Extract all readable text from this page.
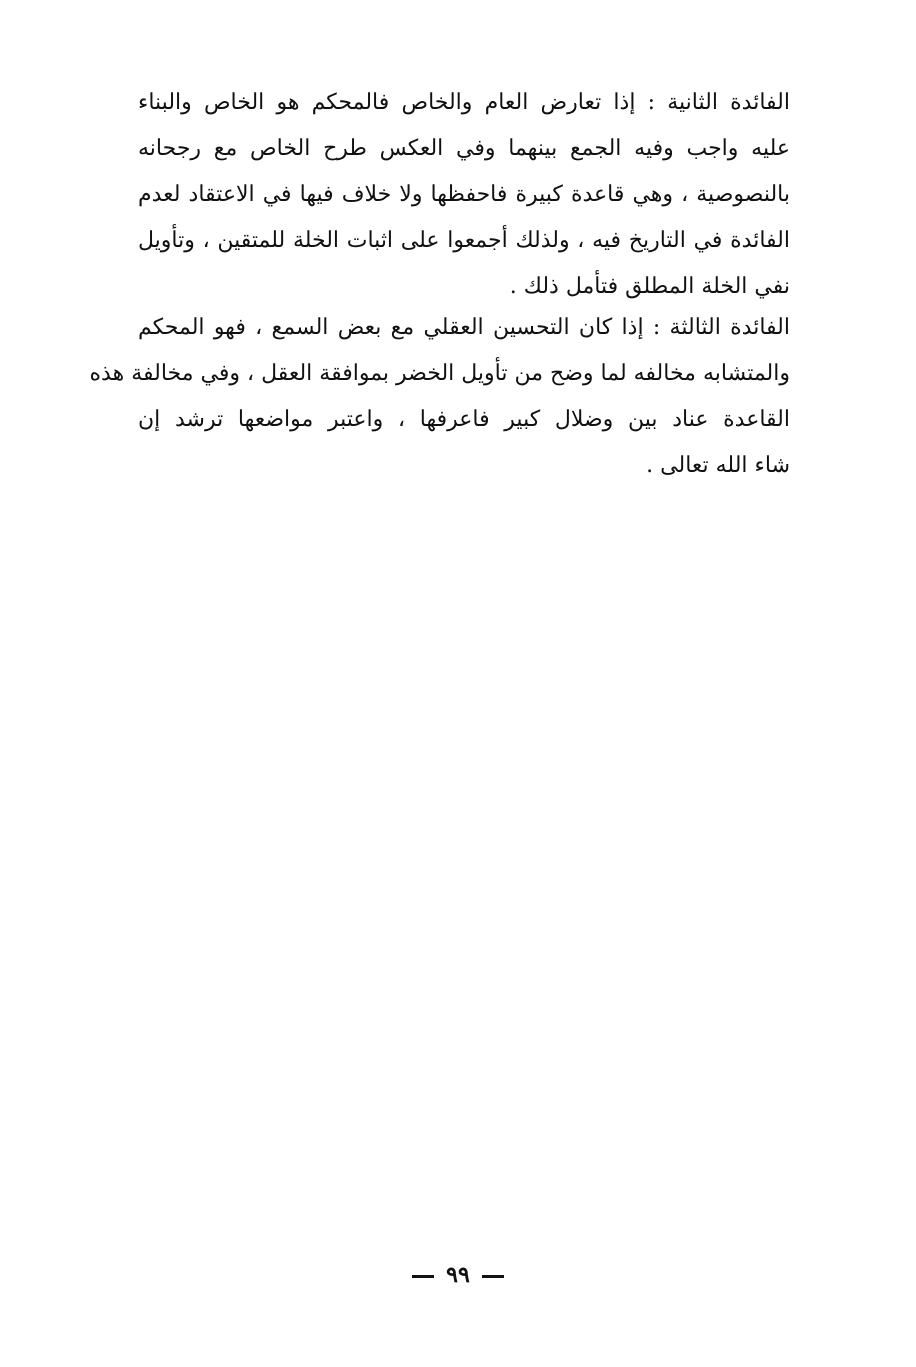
الفائدة الثانية : إذا تعارض العام والخاص فالمحكم هو الخاص والبناء
عليه واجب وفيه الجمع بينهما وفي العكس طرح الخاص مع رجحانه
بالنصوصية ، وهي قاعدة كبيرة فاحفظها ولا خلاف فيها في الاعتقاد لعدم
الفائدة في التاريخ فيه ، ولذلك أجمعوا على اثبات الخلة للمتقين ، وتأويل
نفي الخلة المطلق فتأمل ذلك .
الفائدة الثالثة : إذا كان التحسين العقلي مع بعض السمع ، فهو المحكم
والمتشابه مخالفه لما وضح من تأويل الخضر بموافقة العقل ، وفي مخالفة هذه
القاعدة عناد بين وضلال كبير فاعرفها ، واعتبر مواضعها ترشد إن
شاء الله تعالى .
٩٩
